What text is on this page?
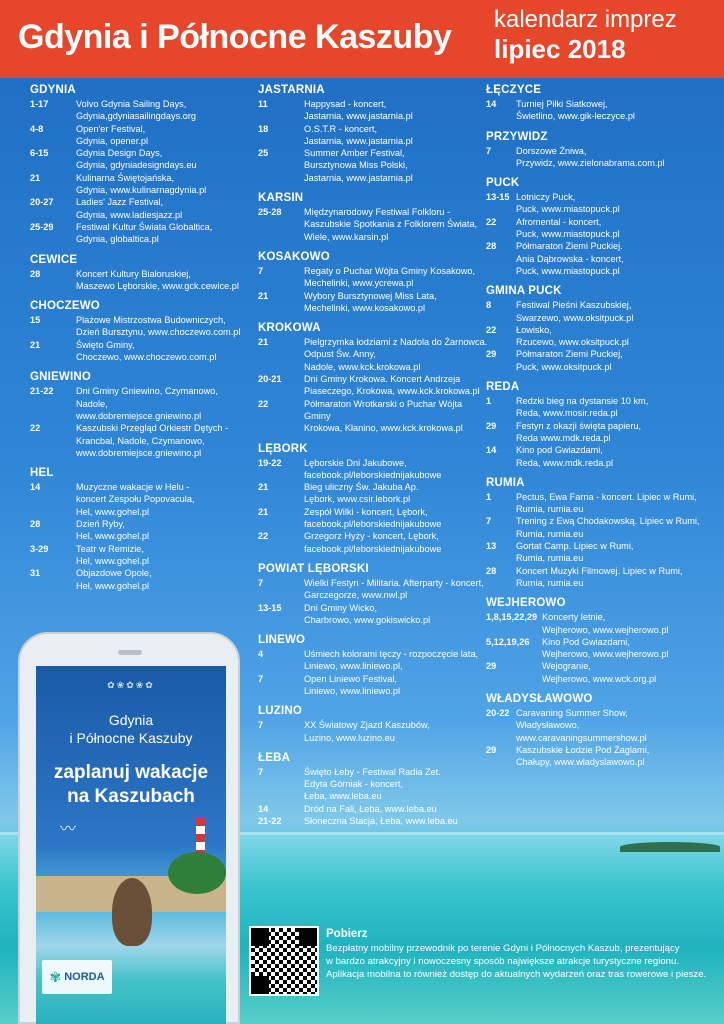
Gdynia i Północne Kaszuby kalendarz imprez
lipiec 2018
GDYNIA
1-17	Volvo Gdynia Sailing Days,
Gdynia,gdyniasailingdays.org
4-8	Open'er Festival,
Gdynia, opener.pl
6-15	Gdynia Design Days,
Gdynia, gdyniadesigndays.eu
21	Kulinarna Świętojańska,
Gdynia, www.kulinarnagdynia.pl
20-27	Ladies' Jazz Festival,
Gdynia, www.ladiesjazz.pl
25-29	Festiwal Kultur Świata Globaltica,
Gdynia, globaltica.pl
CEWICE
28	Koncert Kultury Białoruskiej,
Maszewo Lęborskie, www.gck.cewice.pl
CHOCZEWO
15	Plażowe Mistrzostwa Budowniczych,
Dzień Bursztynu, www.choczewo.com.pl
21	Święto Gminy,
Choczewo, www.choczewo.com.pl
GNIEWINO
21-22	Dni Gminy Gniewino, Czymanowo, Nadole,
www.dobremiejsce.gniewino.pl
22	Kaszubski Przegląd Orkiestr Dętych -
Krancbal, Nadole, Czymanowo,
www.dobremiejsce.gniewino.pl
HEL
14	Muzyczne wakacje w Helu -
koncert Zespołu Popovacula,
Hel, www.gohel.pl
28	Dzień Ryby,
Hel, www.gohel.pl
3-29	Teatr w Remizie,
Hel, www.gohel.pl
31	Objazdowe Opole,
Hel, www.gohel.pl
JASTARNIA
11	Happysad - koncert,
Jastarnia, www.jastarnia.pl
18	O.S.T.R - koncert,
Jastarnia, www.jastarnia.pl
25	Summer Amber Festival,
Bursztynowa Miss Polski,
Jastarnia, www.jastarnia.pl
KARSIN
25-28	Międzynarodowy Festiwal Folkloru -
Kaszubskie Spotkania z Folklorem Świata,
Wiele, www.karsin.pl
KOSAKOWO
7	Regaty o Puchar Wójta Gminy Kosakowo,
Mechelinki, www.ycrewa.pl
21	Wybory Bursztynowej Miss Lata,
Mechelinki, www.kosakowo.pl
KROKOWA
21	Pielgrzymka łodziami z Nadola do Żarnowca.
Odpust Św. Anny,
Nadole, www.kck.krokowa.pl
20-21	Dni Gminy Krokowa. Koncert Andrzeja
Piaseczego, Krokowa, www.kck.krokowa.pl
22	Półmaraton Wrotkarski o Puchar Wójta Gminy
Krokowa, Kłanino, www.kck.krokowa.pl
LĘBORK
19-22	Lęborskie Dni Jakubowe,
facebook.pl/leborskiednijakubowe
21	Bieg uliczny Św. Jakuba Ap.
Lębork, www.csir.lebork.pl
21	Zespół Wilki - koncert, Lębork,
facebook.pl/leborskiednijakubowe
22	Grzegorz Hyży - koncert, Lębork,
facebook.pl/leborskiednijakubowe
POWIAT LĘBORSKI
7	Wielki Festyn - Militaria. Afterparty - koncert,
Garczegorze, www.nwl.pl
13-15	Dni Gminy Wicko,
Charbrowo, www.gokiswicko.pl
LINEWO
4	Uśmiech kolorami tęczy - rozpoczęcie lata,
Liniewo, www.liniewo.pl,
7	Open Liniewo Festival,
Liniewo, www.liniewo.pl
LUZINO
7	XX Światowy Zjazd Kaszubów,
Luzino, www.luzino.eu
ŁEBA
7	Święto Łeby - Festiwal Radia Zet.
Edyta Górniak - koncert,
Łeba, www.leba.eu
14	Dród na Fali, Łeba, www.leba.eu
21-22	Słoneczna Stacja, Łeba, www.leba.eu
ŁĘCZYCE
14	Turniej Piłki Siatkowej,
Świetlino, www.gik-leczyce.pl
PRZYWIDZ
7	Dorszowe Żniwa,
Przywidz, www.zielonabrama.com.pl
PUCK
13-15 Lotniczy Puck,
Puck, www.miastopuck.pl
22	Afromental - koncert,
Puck, www.miastopuck.pl
28	Półmaraton Ziemi Puckiej.
Ania Dąbrowska - koncert,
Puck, www.miastopuck.pl
GMINA PUCK
8	Festiwal Pieśni Kaszubskiej,
Swarzewo, www.oksitpuck.pl
22	Łowisko,
Rzucewo, www.oksitpuck.pl
29	Półmaraton Ziemi Puckiej,
Puck, www.oksitpuck.pl
REDA
1	Redzki bieg na dystansie 10 km,
Reda, www.mosir.reda.pl
29	Festyn z okazji święta papieru,
Reda www.mdk.reda.pl
14	Kino pod Gwiazdami,
Reda, www.mdk.reda.pl
RUMIA
1	Pectus, Ewa Farna - koncert. Lipiec w Rumi,
Rumia, rumia.eu
7	Trening z Ewą Chodakowską. Lipiec w Rumi,
Rumia, rumia.eu
13	Gortat Camp. Lipiec w Rumi,
Rumia, rumia.eu
28	Koncert Muzyki Filmowej. Lipiec w Rumi,
Rumia, rumia.eu
WEJHEROWO
1,8,15,22,29 Koncerty letnie,
Wejherowo, www.wejherowo.pl
5,12,19,26	Kino Pod Gwiazdami,
Wejherowo, www.wejherowo.pl
29	Wejogranie,
Wejherowo, www.wck.org.pl
WŁADYSŁAWOWO
20-22 Caravaning Summer Show,
Władysławowo,
www.caravaningsummershow.pl
29	Kaszubskie Łodzie Pod Żaglami,
Chałupy, www.wladyslawowo.pl
✿❀✿❀✿
Gdynia
i Północne Kaszuby
zaplanuj wakacje
na Kaszubach
〰
✾ NORDA
Pobierz
Bezpłatny mobilny przewodnik po terenie Gdyni i Północnych Kaszub, prezentujący
w bardzo atrakcyjny i nowoczesny sposób największe atrakcje turystyczne regionu.
Aplikacja mobilna to również dostęp do aktualnych wydarzeń oraz tras rowerowe i piesze.
